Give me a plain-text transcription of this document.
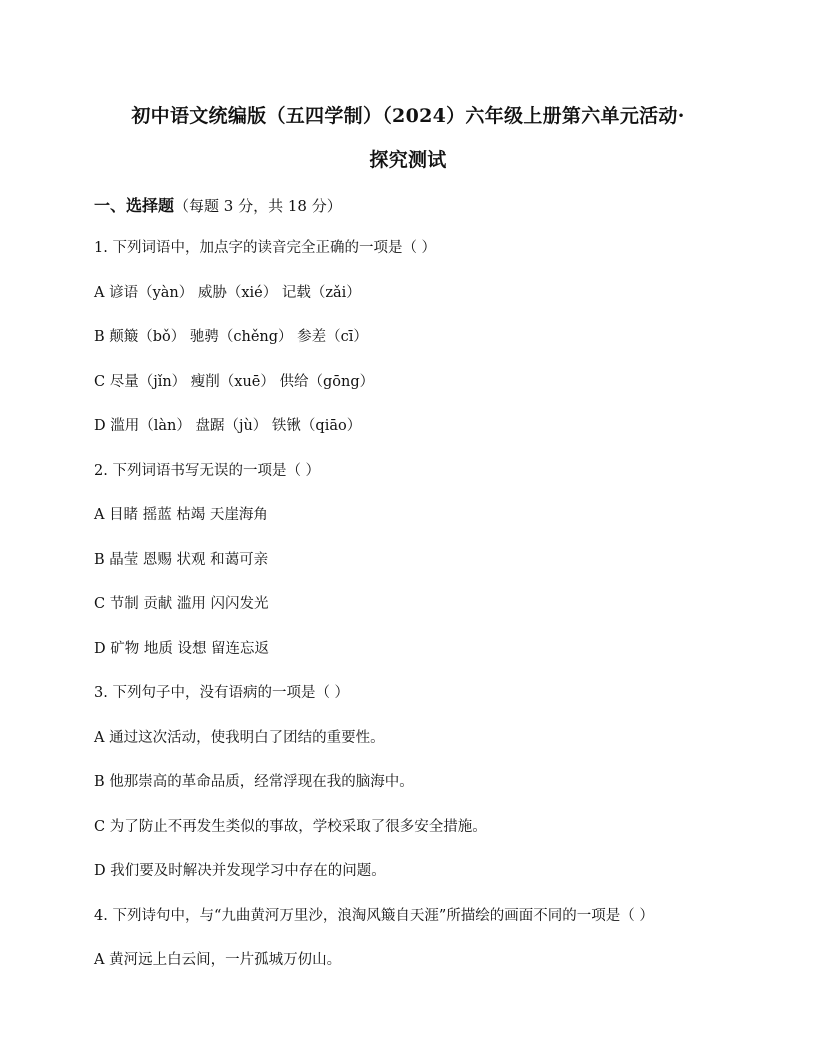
初中语文统编版（五四学制）（2024）六年级上册第六单元活动·
探究测试
一、选择题（每题 3 分，共 18 分）
1. 下列词语中，加点字的读音完全正确的一项是（ ）
A 谚语（yàn） 威胁（xié） 记载（zǎi）
B 颠簸（bǒ） 驰骋（chěng） 参差（cī）
C 尽量（jǐn） 瘦削（xuē） 供给（gōng）
D 滥用（làn） 盘踞（jù） 铁锹（qiāo）
2. 下列词语书写无误的一项是（ ）
A 目睹 摇蓝 枯竭 天崖海角
B 晶莹 恩赐 状观 和蔼可亲
C 节制 贡献 滥用 闪闪发光
D 矿物 地质 设想 留连忘返
3. 下列句子中，没有语病的一项是（ ）
A 通过这次活动，使我明白了团结的重要性。
B 他那崇高的革命品质，经常浮现在我的脑海中。
C 为了防止不再发生类似的事故，学校采取了很多安全措施。
D 我们要及时解决并发现学习中存在的问题。
4. 下列诗句中，与“九曲黄河万里沙，浪淘风簸自天涯”所描绘的画面不同的一项是（ ）
A 黄河远上白云间，一片孤城万仞山。
